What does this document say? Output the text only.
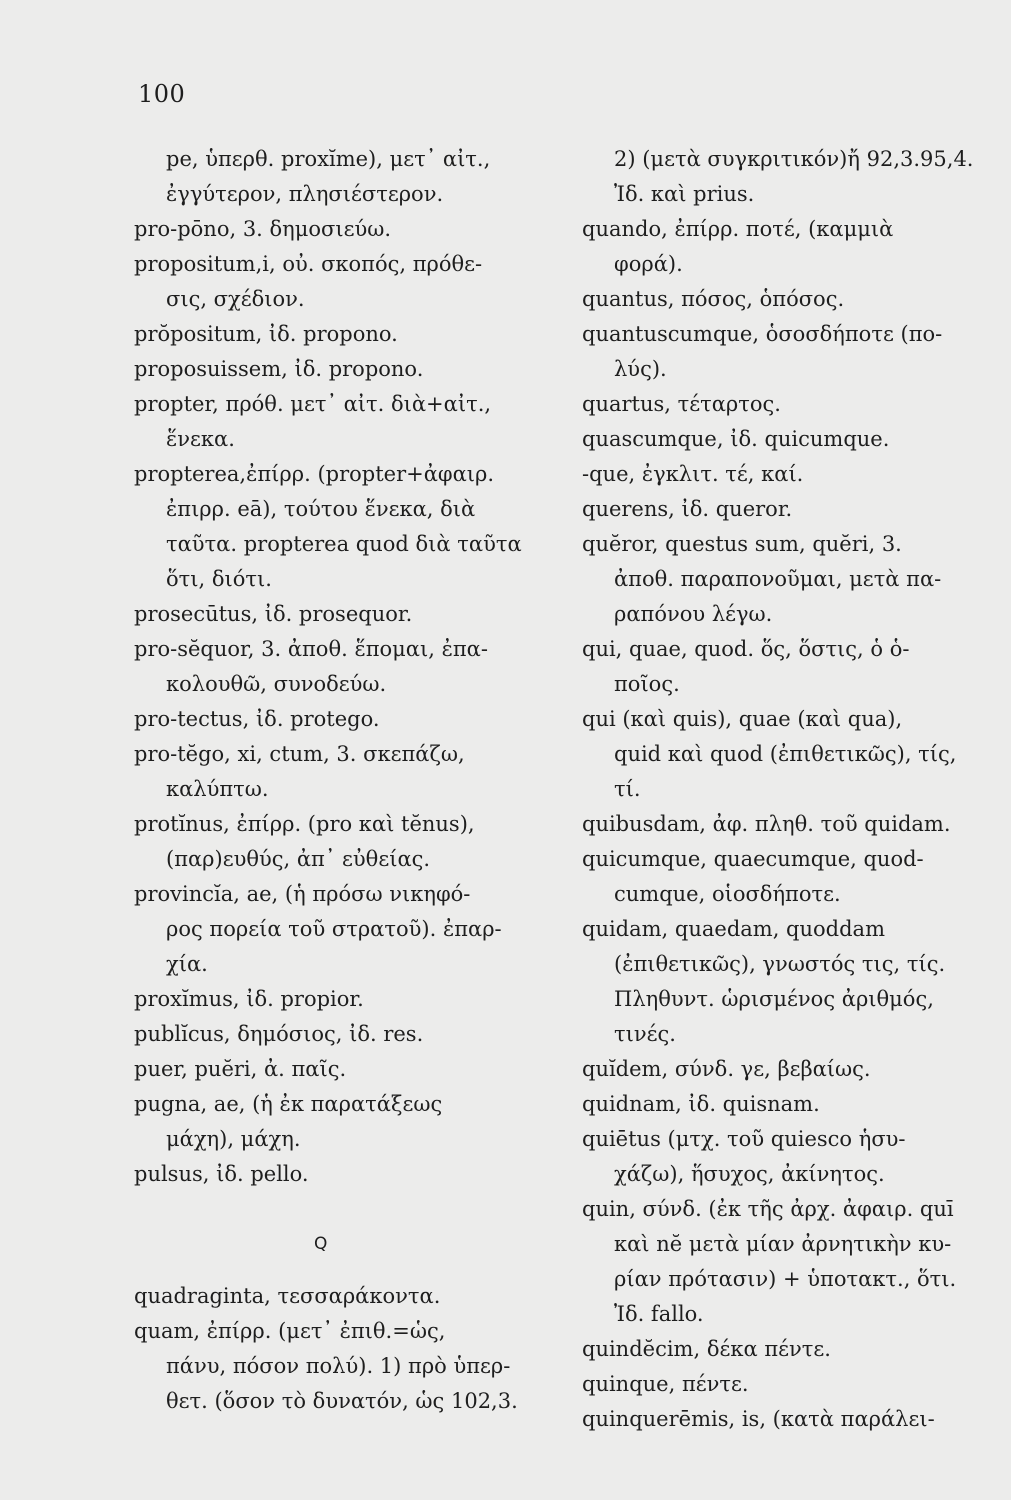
100
pe, ὑπερθ. proxĭme), μετ᾿ αἰτ.,
ἐγγύτερον, πλησιέστερον.
pro-pōno, 3. δημοσιεύω.
propositum,i, οὐ. σκοπός, πρόθε-
σις, σχέδιον.
prŏpositum, ἰδ. propono.
proposuissem, ἰδ. propono.
propter, πρόθ. μετ᾿ αἰτ. διὰ+αἰτ.,
ἕνεκα.
propterea,ἐπίρρ. (propter+ἀφαιρ.
ἐπιρρ. eā), τούτου ἕνεκα, διὰ
ταῦτα. propterea quod διὰ ταῦτα
ὅτι, διότι.
prosecūtus, ἰδ. prosequor.
pro-sĕquor, 3. ἀποθ. ἕπομαι, ἐπα-
κολουθῶ, συνοδεύω.
pro-tectus, ἰδ. protego.
pro-tĕgo, xi, ctum, 3. σκεπάζω,
καλύπτω.
protĭnus, ἐπίρρ. (pro καὶ tĕnus),
(παρ)ευθύς, ἀπ᾿ εὐθείας.
provincĭa, ae, (ἡ πρόσω νικηφό-
ρος πορεία τοῦ στρατοῦ). ἐπαρ-
χία.
proxĭmus, ἰδ. propior.
publĭcus, δημόσιος, ἰδ. res.
puer, puĕri, ἀ. παῖς.
pugna, ae, (ἡ ἐκ παρατάξεως
μάχη), μάχη.
pulsus, ἰδ. pello.
Q
quadraginta, τεσσαράκοντα.
quam, ἐπίρρ. (μετ᾿ ἐπιθ.=ὡς,
πάνυ, πόσον πολύ). 1) πρὸ ὑπερ-
θετ. (ὅσον τὸ δυνατόν, ὡς 102,3.
2) (μετὰ συγκριτικόν)ἤ 92,3.95,4.
Ἰδ. καὶ prius.
quando, ἐπίρρ. ποτέ, (καμμιὰ
φορά).
quantus, πόσος, ὁπόσος.
quantuscumque, ὁσοσδήποτε (πο-
λύς).
quartus, τέταρτος.
quascumque, ἰδ. quicumque.
-que, ἐγκλιτ. τέ, καί.
querens, ἰδ. queror.
quĕror, questus sum, quĕri, 3.
ἀποθ. παραπονοῦμαι, μετὰ πα-
ραπόνου λέγω.
qui, quae, quod. ὅς, ὅστις, ὁ ὁ-
ποῖος.
qui (καὶ quis), quae (καὶ qua),
quid καὶ quod (ἐπιθετικῶς), τίς,
τί.
quibusdam, ἀφ. πληθ. τοῦ quidam.
quicumque, quaecumque, quod-
cumque, οἱοσδήποτε.
quidam, quaedam, quoddam
(ἐπιθετικῶς), γνωστός τις, τίς.
Πληθυντ. ὡρισμένος ἀριθμός,
τινές.
quĭdem, σύνδ. γε, βεβαίως.
quidnam, ἰδ. quisnam.
quiētus (μτχ. τοῦ quiesco ἡσυ-
χάζω), ἥσυχος, ἀκίνητος.
quin, σύνδ. (ἐκ τῆς ἀρχ. ἀφαιρ. quī
καὶ nĕ μετὰ μίαν ἀρνητικὴν κυ-
ρίαν πρότασιν) + ὑποτακτ., ὅτι.
Ἰδ. fallo.
quindĕcim, δέκα πέντε.
quinque, πέντε.
quinquerēmis, is, (κατὰ παράλει-
